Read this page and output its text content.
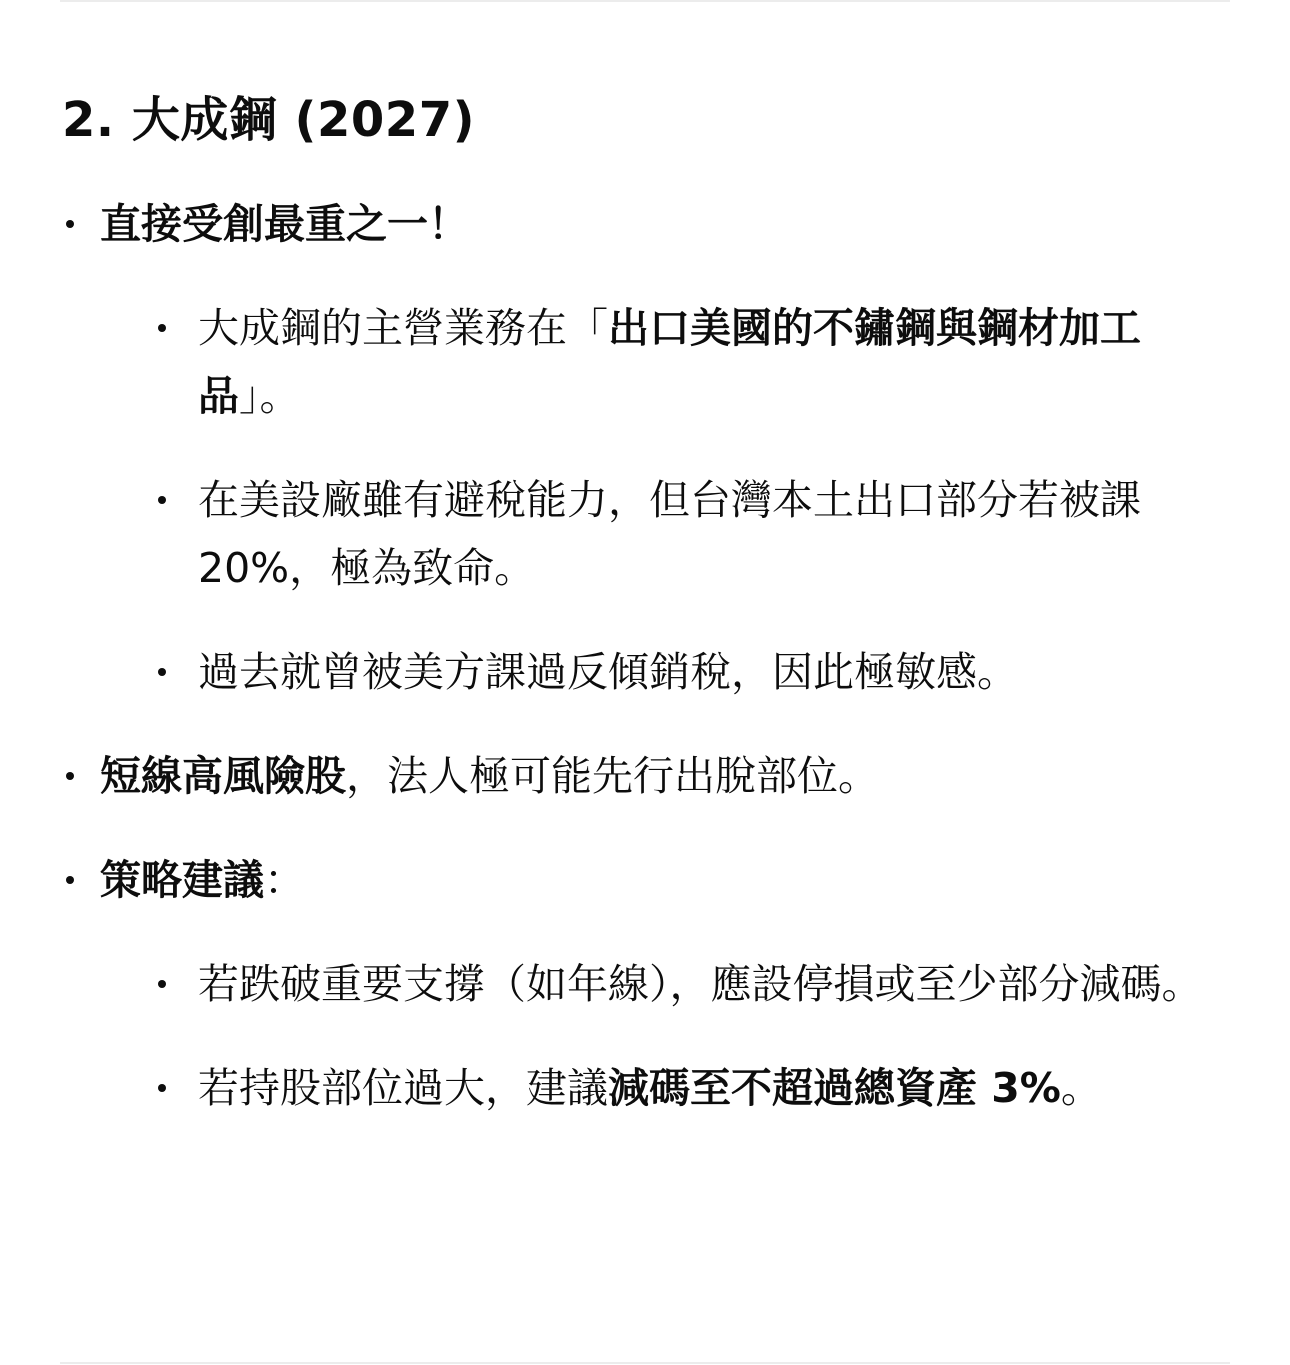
2. 大成鋼 (2027)
直接受創最重之一！
大成鋼的主營業務在「出口美國的不鏽鋼與鋼材加工品」。
在美設廠雖有避稅能力，但台灣本土出口部分若被課 20%，極為致命。
過去就曾被美方課過反傾銷稅，因此極敏感。
短線高風險股，法人極可能先行出脫部位。
策略建議：
若跌破重要支撐（如年線），應設停損或至少部分減碼。
若持股部位過大，建議減碼至不超過總資產 3%。
